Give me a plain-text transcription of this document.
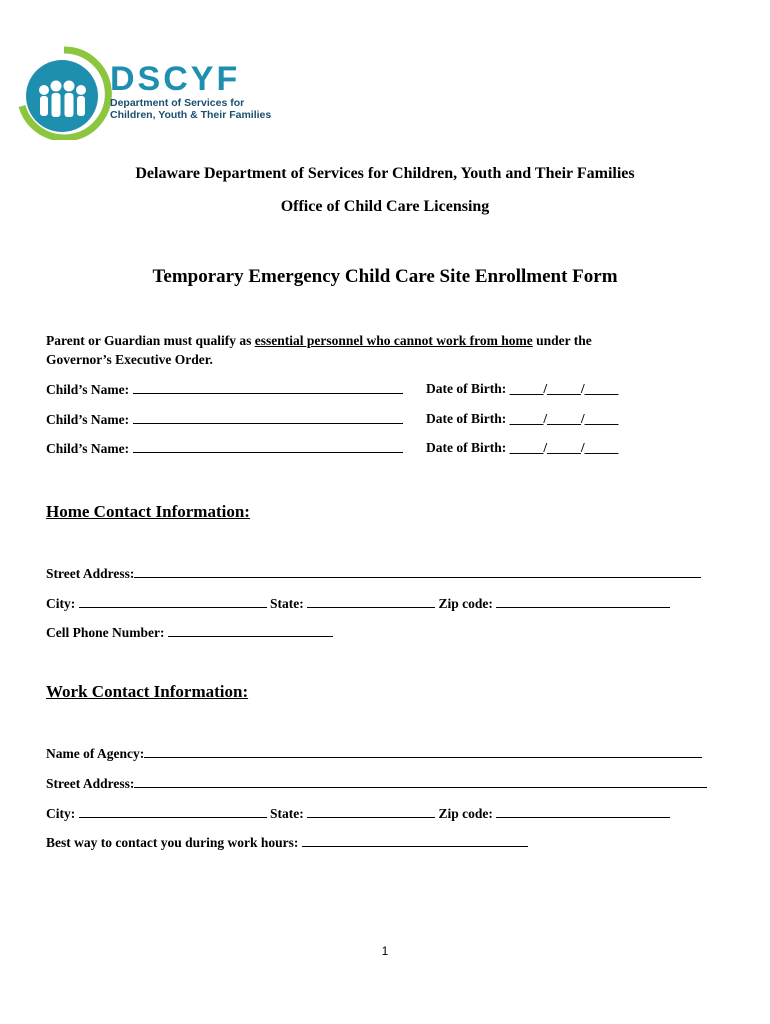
DSCYF
Department of Services for
Children, Youth & Their Families
Delaware Department of Services for Children, Youth and Their Families
Office of Child Care Licensing
Temporary Emergency Child Care Site Enrollment Form
Parent or Guardian must qualify as essential personnel who cannot work from home under the
Governor’s Executive Order.
Child’s Name:	Date of Birth: _____/_____/_____
Child’s Name:	Date of Birth: _____/_____/_____
Child’s Name:	Date of Birth: _____/_____/_____
Home Contact Information:
Street Address:
City:	State:	Zip code:
Cell Phone Number:
Work Contact Information:
Name of Agency:
Street Address:
City:	State:	Zip code:
Best way to contact you during work hours:
1
